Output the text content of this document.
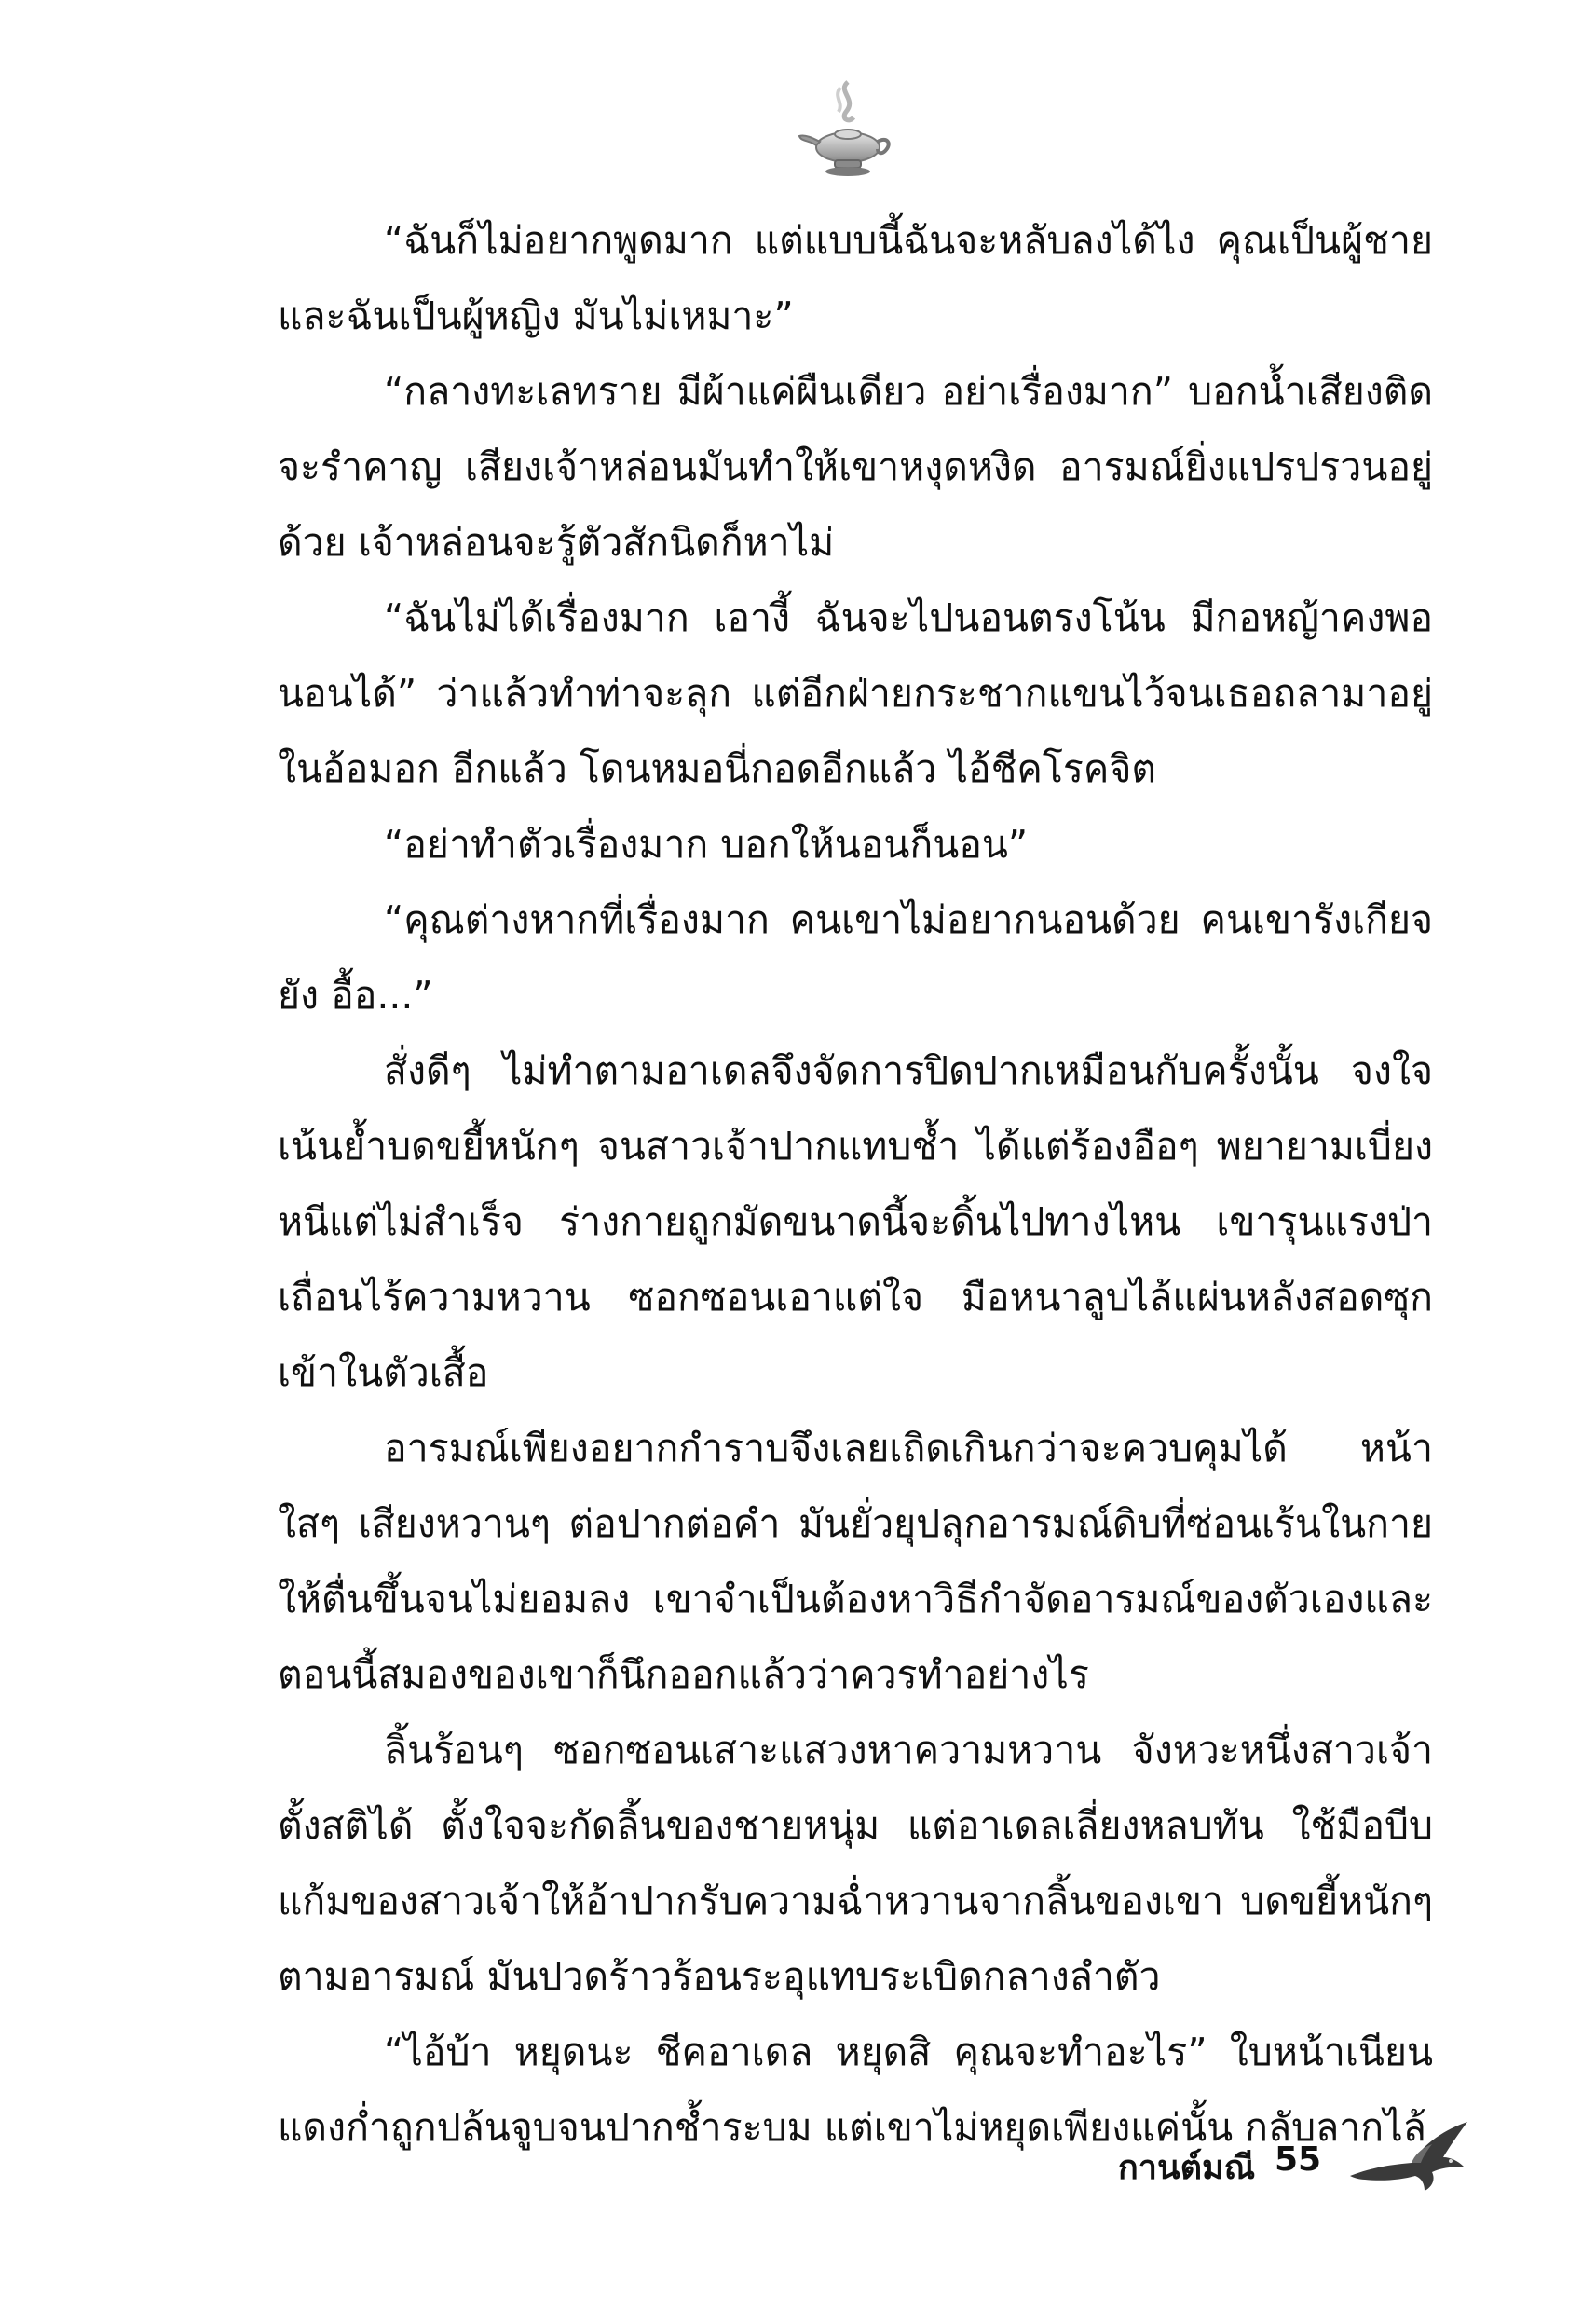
“ฉันก็ไม่อยากพูดมาก แต่แบบนี้ฉันจะหลับลงได้ไง คุณเป็นผู้ชาย และฉันเป็นผู้หญิง มันไม่เหมาะ”

“กลางทะเลทราย มีผ้าแค่ผืนเดียว อย่าเรื่องมาก” บอกน้ำเสียงติดจะรำคาญ เสียงเจ้าหล่อนมันทำให้เขาหงุดหงิด อารมณ์ยิ่งแปรปรวนอยู่ด้วย เจ้าหล่อนจะรู้ตัวสักนิดก็หาไม่

“ฉันไม่ได้เรื่องมาก เอางี้ ฉันจะไปนอนตรงโน้น มีกอหญ้าคงพอนอนได้” ว่าแล้วทำท่าจะลุก แต่อีกฝ่ายกระชากแขนไว้จนเธอถลามาอยู่ในอ้อมอก อีกแล้ว โดนหมอนี่กอดอีกแล้ว ไอ้ชีคโรคจิต

“อย่าทำตัวเรื่องมาก บอกให้นอนก็นอน”

“คุณต่างหากที่เรื่องมาก คนเขาไม่อยากนอนด้วย คนเขารังเกียจยัง อื้อ...”

สั่งดีๆ ไม่ทำตามอาเดลจึงจัดการปิดปากเหมือนกับครั้งนั้น จงใจเน้นย้ำบดขยี้หนักๆ จนสาวเจ้าปากแทบช้ำ ได้แต่ร้องอือๆ พยายามเบี่ยงหนีแต่ไม่สำเร็จ ร่างกายถูกมัดขนาดนี้จะดิ้นไปทางไหน เขารุนแรงป่าเถื่อนไร้ความหวาน ซอกซอนเอาแต่ใจ มือหนาลูบไล้แผ่นหลังสอดซุกเข้าในตัวเสื้อ

อารมณ์เพียงอยากกำราบจึงเลยเถิดเกินกว่าจะควบคุมได้ หน้าใสๆ เสียงหวานๆ ต่อปากต่อคำ มันยั่วยุปลุกอารมณ์ดิบที่ซ่อนเร้นในกายให้ตื่นขึ้นจนไม่ยอมลง เขาจำเป็นต้องหาวิธีกำจัดอารมณ์ของตัวเองและตอนนี้สมองของเขาก็นึกออกแล้วว่าควรทำอย่างไร

ลิ้นร้อนๆ ซอกซอนเสาะแสวงหาความหวาน จังหวะหนึ่งสาวเจ้าตั้งสติได้ ตั้งใจจะกัดลิ้นของชายหนุ่ม แต่อาเดลเลี่ยงหลบทัน ใช้มือบีบแก้มของสาวเจ้าให้อ้าปากรับความฉ่ำหวานจากลิ้นของเขา บดขยี้หนักๆ ตามอารมณ์ มันปวดร้าวร้อนระอุแทบระเบิดกลางลำตัว

“ไอ้บ้า หยุดนะ ชีคอาเดล หยุดสิ คุณจะทำอะไร” ใบหน้าเนียนแดงก่ำถูกปล้นจูบจนปากช้ำระบม แต่เขาไม่หยุดเพียงแค่นั้น กลับลากไล้

กานต์มณี 55
